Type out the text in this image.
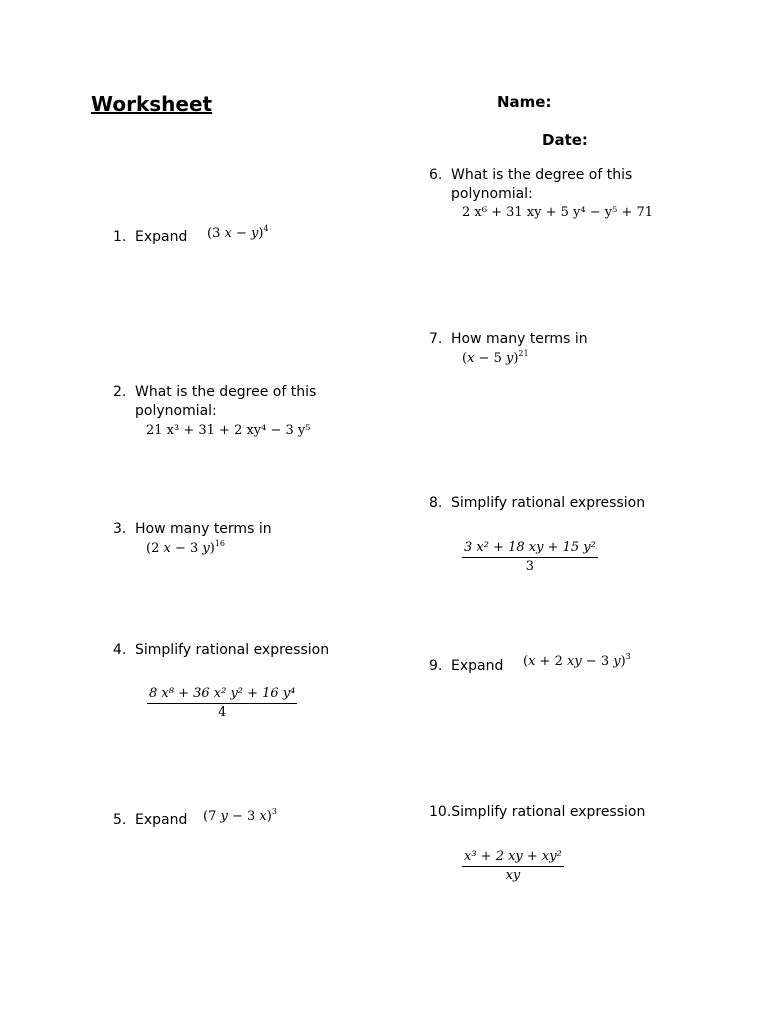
Worksheet	Name:
Date:
1. Expand (3 x − y)$^4$
2. What is the degree of this
polynomial:
21 x³ + 31 + 2 xy⁴ − 3 y⁵
3. How many terms in
(2 x − 3 y)$^{16}$
4. Simplify rational expression
$\frac{\text{8 x⁸ + 36 x² y² + 16 y⁴}}{4}$
5. Expand (7 y − 3 x)$^3$
6. What is the degree of this
polynomial:
2 x⁶ + 31 xy + 5 y⁴ − y⁵ + 71
7. How many terms in
(x − 5 y)$^{21}$
8. Simplify rational expression
$\frac{\text{3 x² + 18 xy + 15 y²}}{3}$
9. Expand (x + 2 xy − 3 y)$^3$
10.Simplify rational expression
$\frac{\text{x³ + 2 xy + xy²}}{xy}$
